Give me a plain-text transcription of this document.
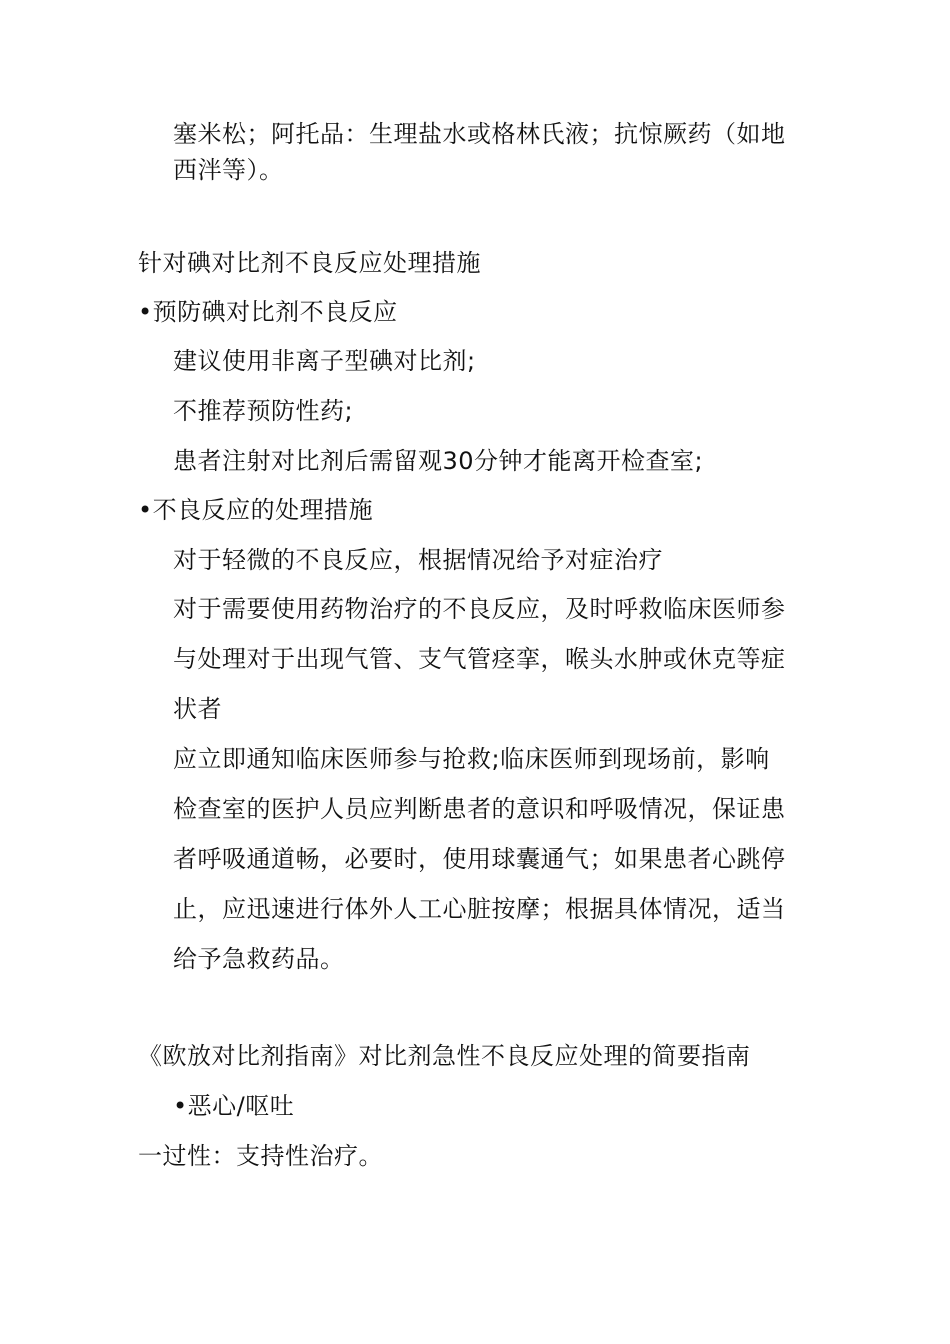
塞米松；阿托品：生理盐水或格林氏液；抗惊厥药（如地
西泮等）。
针对碘对比剂不良反应处理措施
•预防碘对比剂不良反应
建议使用非离子型碘对比剂;
不推荐预防性药;
患者注射对比剂后需留观30分钟才能离开检查室;
•不良反应的处理措施
对于轻微的不良反应，根据情况给予对症治疗
对于需要使用药物治疗的不良反应，及时呼救临床医师参
与处理对于出现气管、支气管痉挛，喉头水肿或休克等症
状者
应立即通知临床医师参与抢救;临床医师到现场前，影响
检查室的医护人员应判断患者的意识和呼吸情况，保证患
者呼吸通道畅，必要时，使用球囊通气；如果患者心跳停
止，应迅速进行体外人工心脏按摩；根据具体情况，适当
给予急救药品。
《欧放对比剂指南》对比剂急性不良反应处理的简要指南
•恶心/呕吐
一过性：支持性治疗。
